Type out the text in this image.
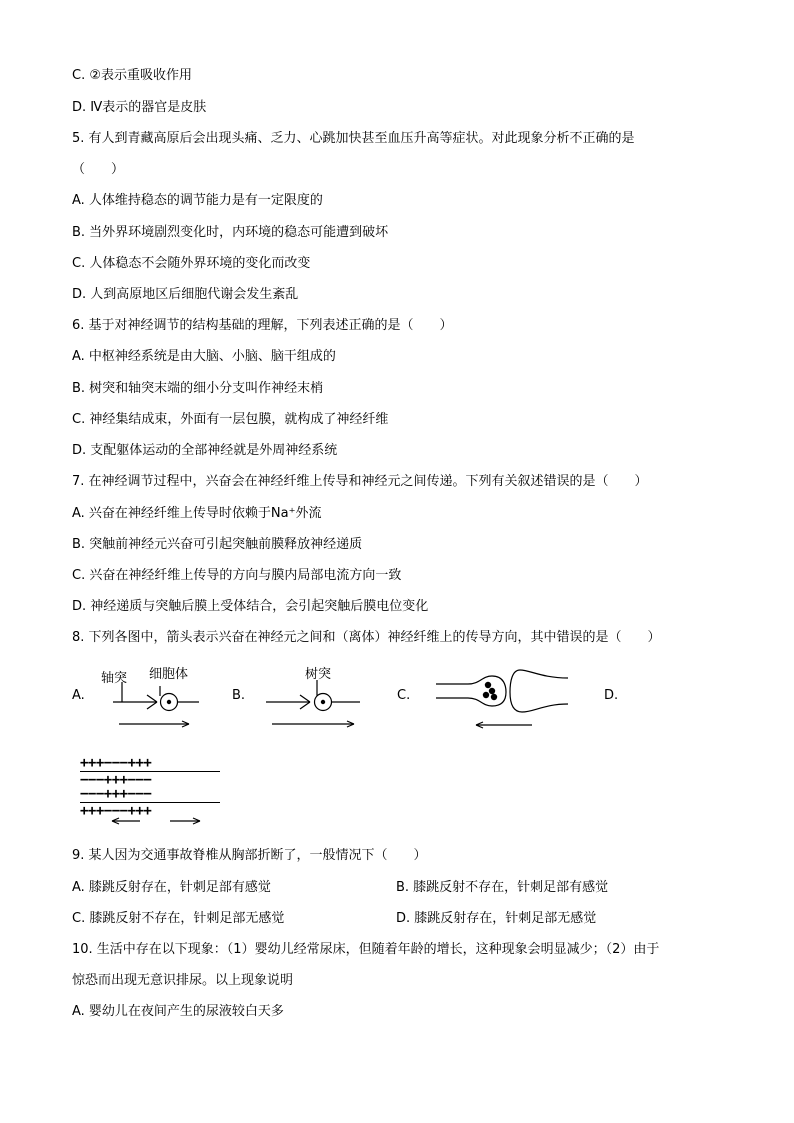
C. ②表示重吸收作用
D. Ⅳ表示的器官是皮肤
5. 有人到青藏高原后会出现头痛、乏力、心跳加快甚至血压升高等症状。对此现象分析不正确的是
（　　）
A. 人体维持稳态的调节能力是有一定限度的
B. 当外界环境剧烈变化时，内环境的稳态可能遭到破坏
C. 人体稳态不会随外界环境的变化而改变
D. 人到高原地区后细胞代谢会发生紊乱
6. 基于对神经调节的结构基础的理解，下列表述正确的是（　　）
A. 中枢神经系统是由大脑、小脑、脑干组成的
B. 树突和轴突末端的细小分支叫作神经末梢
C. 神经集结成束，外面有一层包膜，就构成了神经纤维
D. 支配躯体运动的全部神经就是外周神经系统
7. 在神经调节过程中，兴奋会在神经纤维上传导和神经元之间传递。下列有关叙述错误的是（　　）
A. 兴奋在神经纤维上传导时依赖于Na⁺外流
B. 突触前神经元兴奋可引起突触前膜释放神经递质
C. 兴奋在神经纤维上传导的方向与膜内局部电流方向一致
D. 神经递质与突触后膜上受体结合，会引起突触后膜电位变化
8. 下列各图中，箭头表示兴奋在神经元之间和（离体）神经纤维上的传导方向，其中错误的是（　　）
A.
轴突 细胞体
B.
树突
C.	D.
+++−−−+++
−−−+++−−−
−−−+++−−−
+++−−−+++
9. 某人因为交通事故脊椎从胸部折断了，一般情况下（　　）
A. 膝跳反射存在，针刺足部有感觉	B. 膝跳反射不存在，针刺足部有感觉
C. 膝跳反射不存在，针刺足部无感觉	D. 膝跳反射存在，针刺足部无感觉
10. 生活中存在以下现象：（1）婴幼儿经常尿床，但随着年龄的增长，这种现象会明显减少；（2）由于
惊恐而出现无意识排尿。以上现象说明
A. 婴幼儿在夜间产生的尿液较白天多
